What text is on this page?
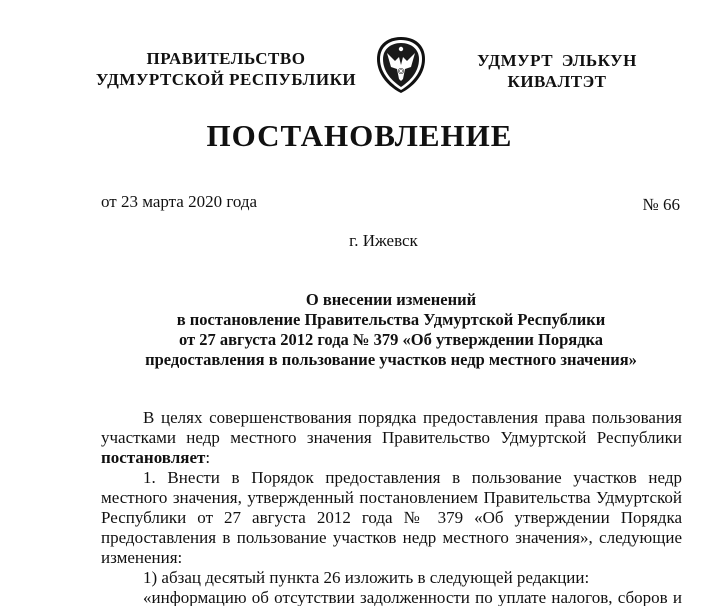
ПРАВИТЕЛЬСТВО
УДМУРТСКОЙ РЕСПУБЛИКИ
УДМУРТ ЭЛЬКУН
КИВАЛТЭТ
ПОСТАНОВЛЕНИЕ
от 23 марта 2020 года	№ 66
г. Ижевск
О внесении изменений
в постановление Правительства Удмуртской Республики
от 27 августа 2012 года № 379 «Об утверждении Порядка
предоставления в пользование участков недр местного значения»
В целях совершенствования порядка предоставления права пользования
участками недр местного значения Правительство Удмуртской Республики
постановляет:
1. Внести в Порядок предоставления в пользование участков недр
местного значения, утвержденный постановлением Правительства Удмуртской
Республики от 27 августа 2012 года № 379 «Об утверждении Порядка
предоставления в пользование участков недр местного значения», следующие
изменения:
1) абзац десятый пункта 26 изложить в следующей редакции:
«информацию об отсутствии задолженности по уплате налогов, сборов и
